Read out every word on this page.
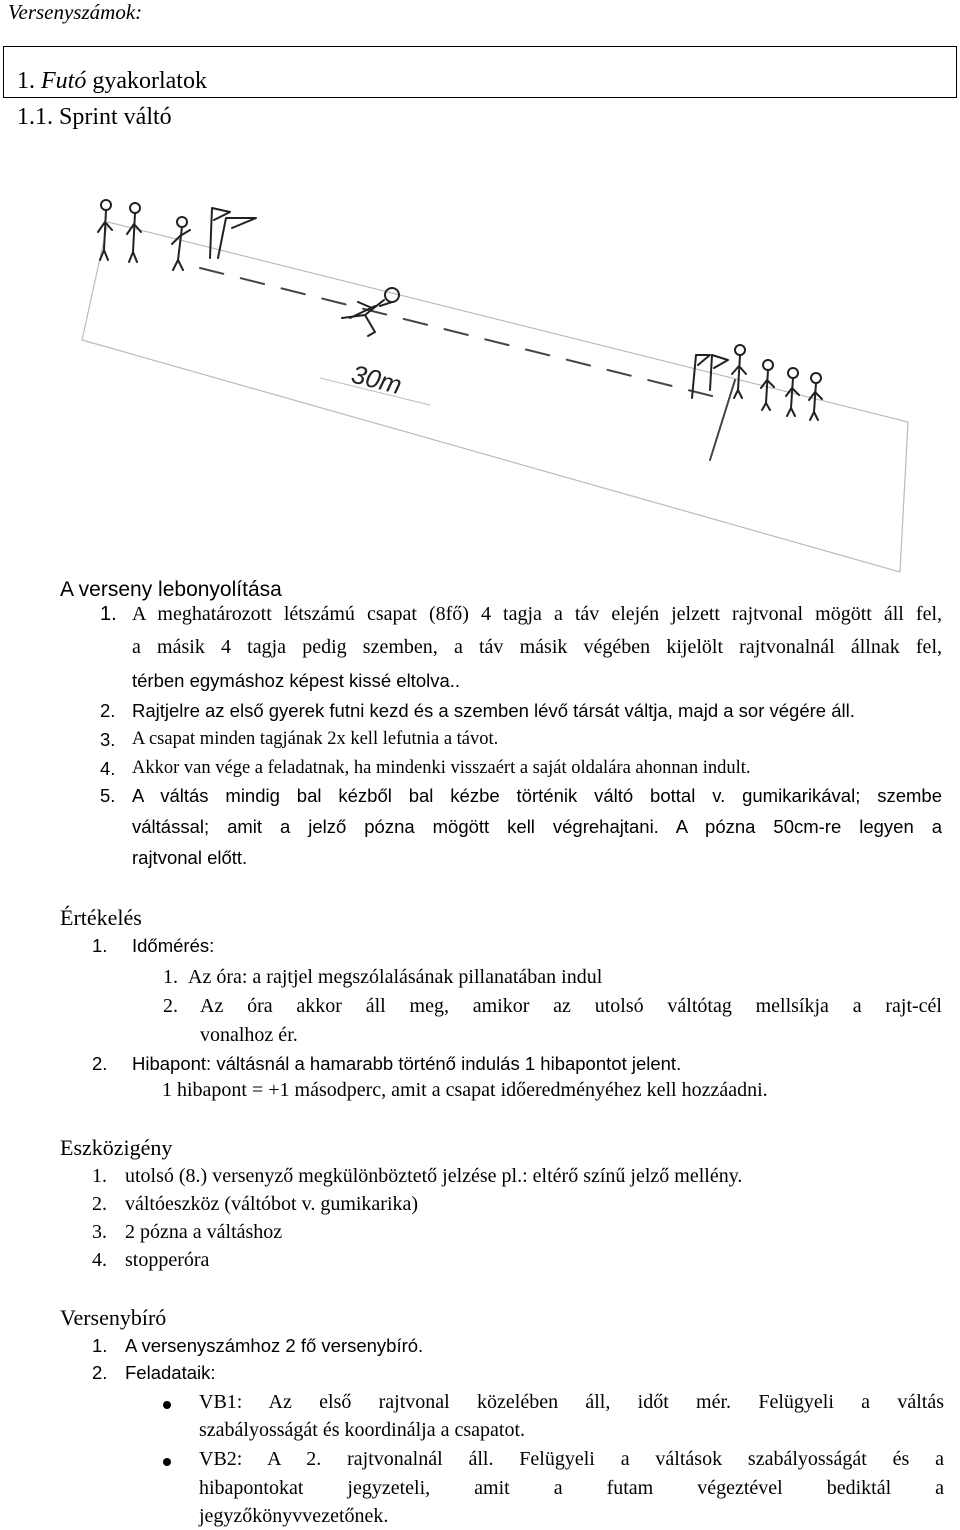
Versenyszámok:
1. Futó gyakorlatok
1.1. Sprint váltó
30m
A verseny lebonyolítása
1. A meghatározott létszámú csapat (8fő) 4 tagja a táv elején jelzett rajtvonal mögött áll fel,
a másik 4 tagja pedig szemben, a táv másik végében kijelölt rajtvonalnál állnak fel,
térben egymáshoz képest kissé eltolva..
2. Rajtjelre az első gyerek futni kezd és a szemben lévő társát váltja, majd a sor végére áll.
3. A csapat minden tagjának 2x kell lefutnia a távot.
4. Akkor van vége a feladatnak, ha mindenki visszaért a saját oldalára ahonnan indult.
5. A váltás mindig bal kézből bal kézbe történik váltó bottal v. gumikarikával; szembe
váltással; amit a jelző pózna mögött kell végrehajtani. A pózna 50cm-re legyen a
rajtvonal előtt.
Értékelés
1. Időmérés:
1. Az óra: a rajtjel megszólalásának pillanatában indul
2. Az óra akkor áll meg, amikor az utolsó váltótag mellsíkja a rajt-cél
vonalhoz ér.
2. Hibapont: váltásnál a hamarabb történő indulás 1 hibapontot jelent.
1 hibapont = +1 másodperc, amit a csapat időeredményéhez kell hozzáadni.
Eszközigény
1. utolsó (8.) versenyző megkülönböztető jelzése pl.: eltérő színű jelző mellény.
2. váltóeszköz (váltóbot v. gumikarika)
3. 2 pózna a váltáshoz
4. stopperóra
Versenybíró
1. A versenyszámhoz 2 fő versenybíró.
2. Feladataik:
VB1: Az első rajtvonal közelében áll, időt mér. Felügyeli a váltás
szabályosságát és koordinálja a csapatot.
VB2: A 2. rajtvonalnál áll. Felügyeli a váltások szabályosságát és a
hibapontokat jegyzeteli, amit a futam végeztével bediktál a
jegyzőkönyvvezetőnek.
